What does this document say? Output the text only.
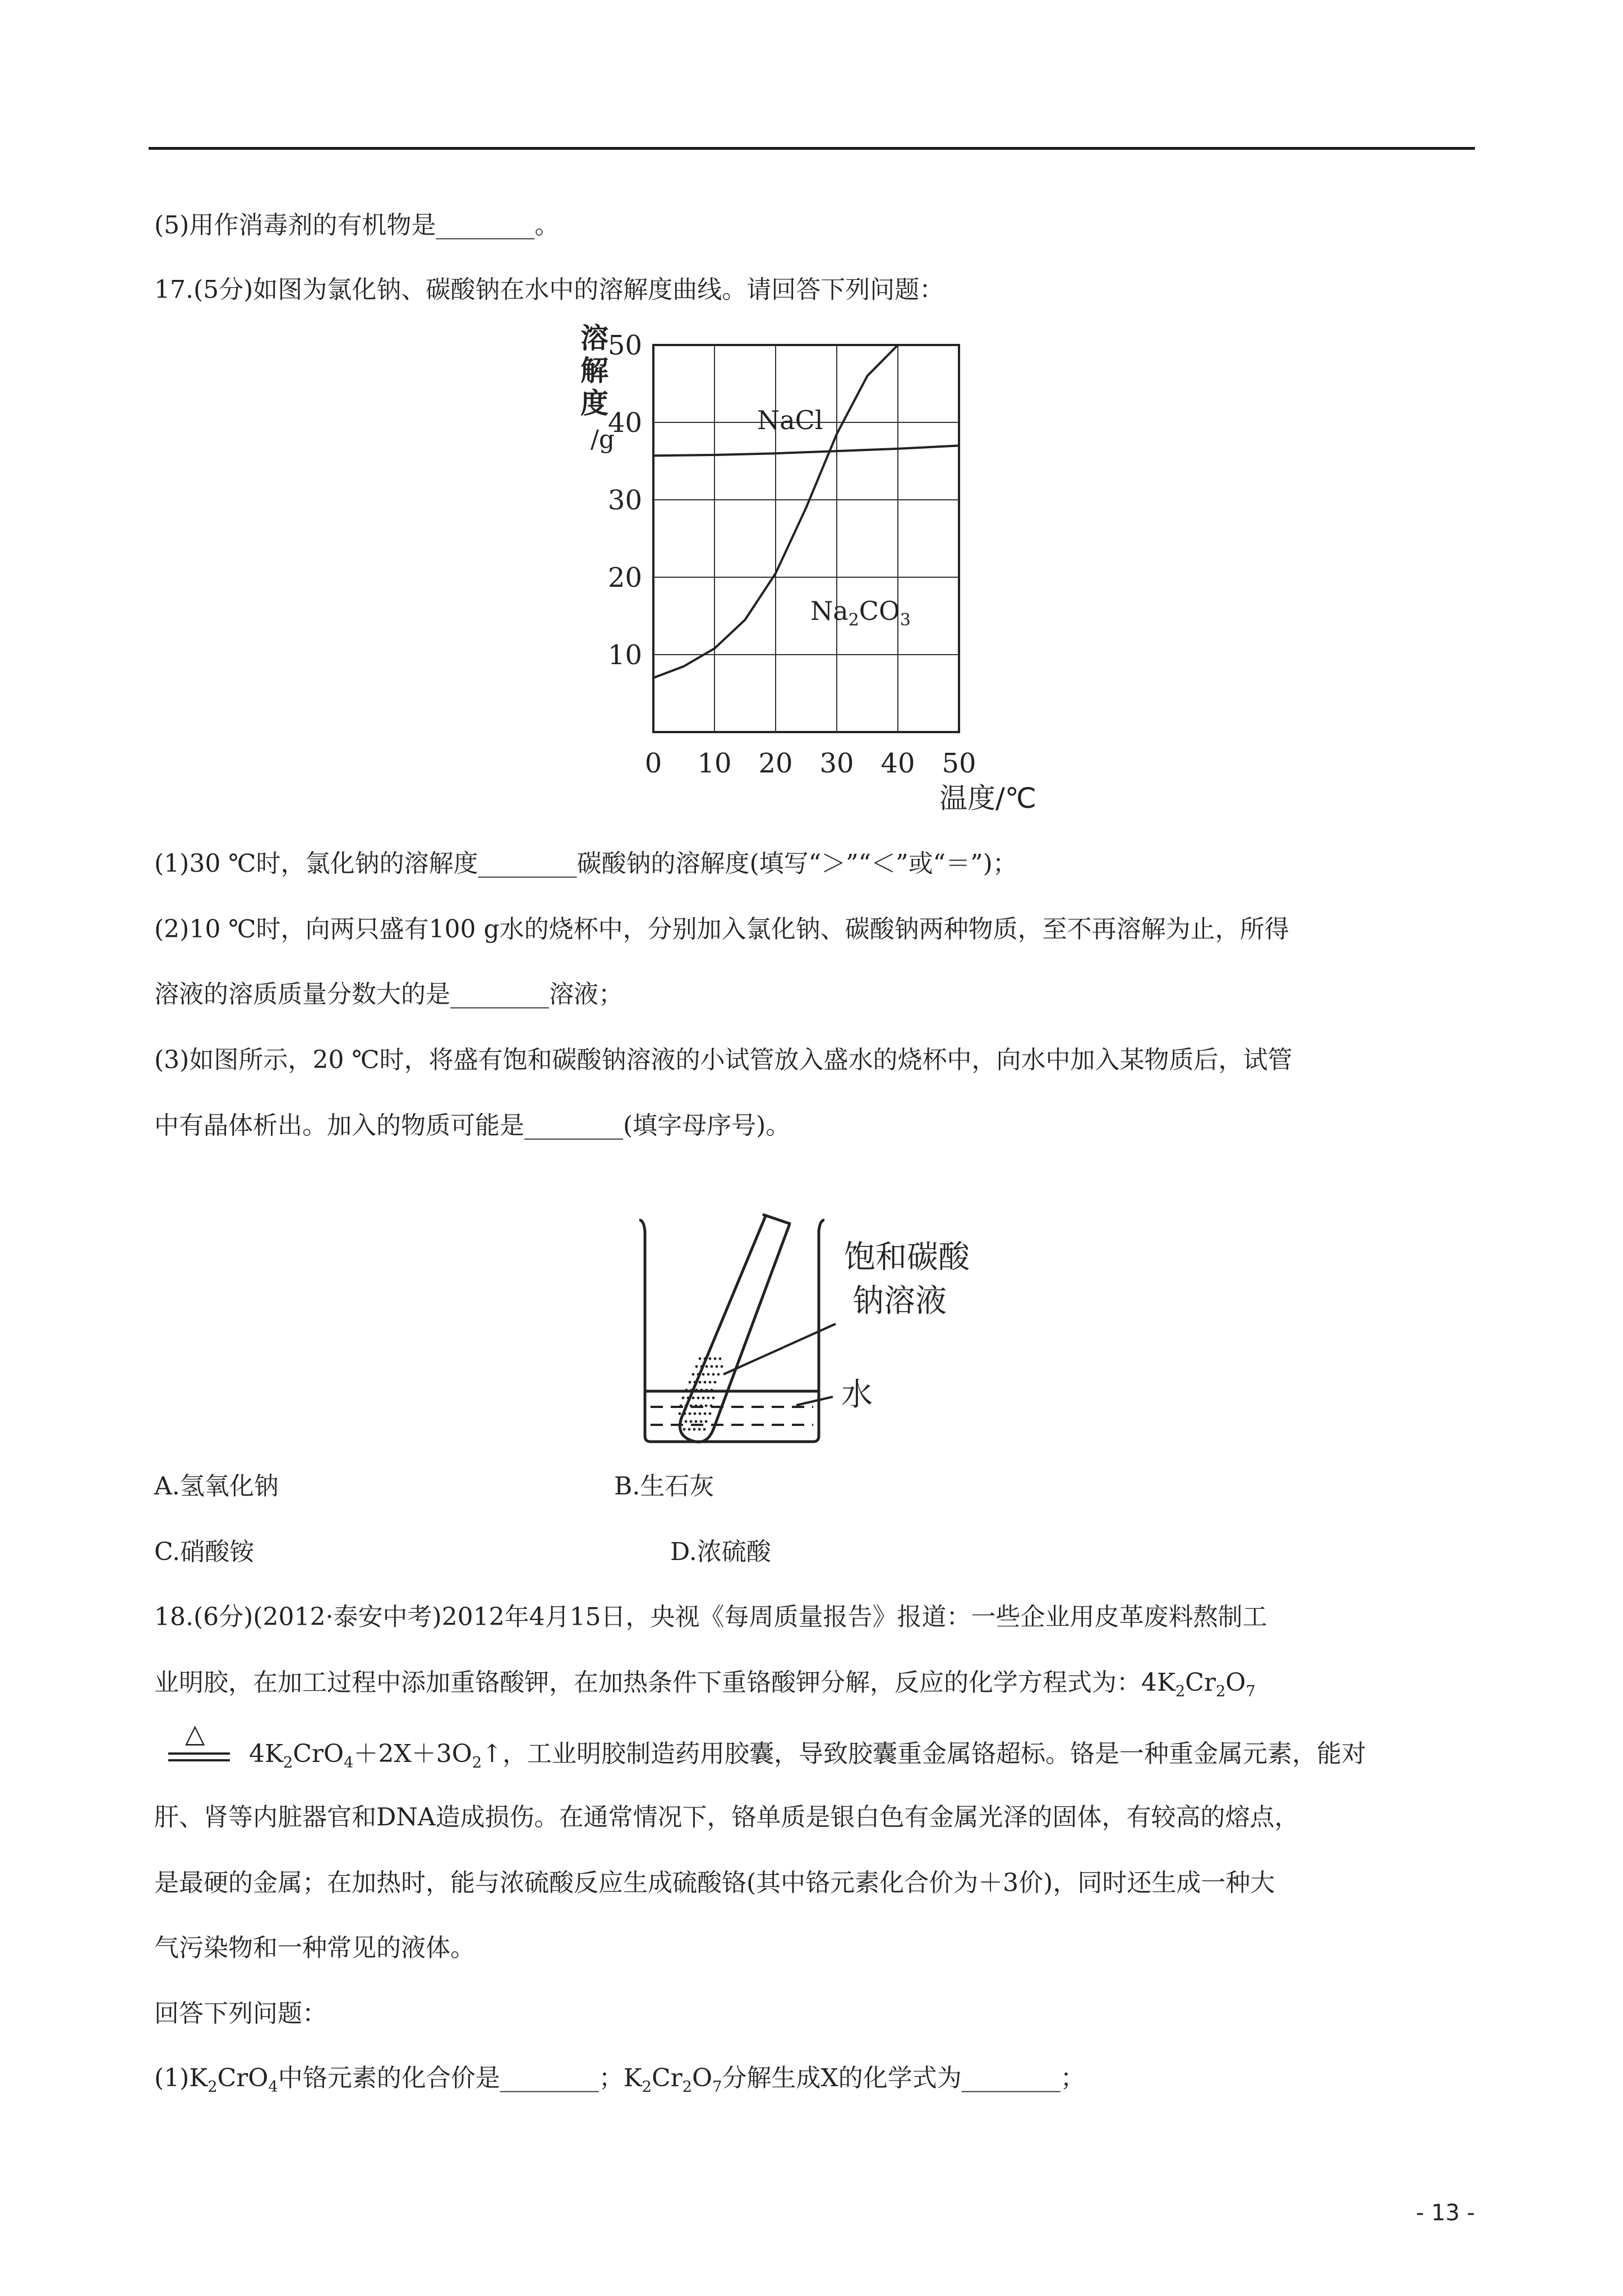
(5)用作消毒剂的有机物是________。
17.(5分)如图为氯化钠、碳酸钠在水中的溶解度曲线。请回答下列问题：
0 10 20 30 40 50
10
20
30
40
50
溶
解
度
/g
温度/℃
NaCl
$Na_2CO_3$
(1)30 ℃时，氯化钠的溶解度________碳酸钠的溶解度(填写“＞”“＜”或“＝”)；
(2)10 ℃时，向两只盛有100 g水的烧杯中，分别加入氯化钠、碳酸钠两种物质，至不再溶解为止，所得
溶液的溶质质量分数大的是________溶液；
(3)如图所示，20 ℃时，将盛有饱和碳酸钠溶液的小试管放入盛水的烧杯中，向水中加入某物质后，试管
中有晶体析出。加入的物质可能是________(填字母序号)。
饱和碳酸
钠溶液
水
A.氢氧化钠	B.生石灰
C.硝酸铵	D.浓硫酸
18.(6分)(2012·泰安中考)2012年4月15日，央视《每周质量报告》报道：一些企业用皮革废料熬制工
业明胶，在加工过程中添加重铬酸钾，在加热条件下重铬酸钾分解，反应的化学方程式为：$4K_2Cr_2O_7$
△
$4K_2CrO_4+2X+3O_2↑$，工业明胶制造药用胶囊，导致胶囊重金属铬超标。铬是一种重金属元素，能对
肝、肾等内脏器官和DNA造成损伤。在通常情况下，铬单质是银白色有金属光泽的固体，有较高的熔点，
是最硬的金属；在加热时，能与浓硫酸反应生成硫酸铬(其中铬元素化合价为＋3价)，同时还生成一种大
气污染物和一种常见的液体。
回答下列问题：
$(1)K_2CrO_4$中铬元素的化合价是________；$K_2Cr_2O_7$分解生成X的化学式为________；
- 13 -
